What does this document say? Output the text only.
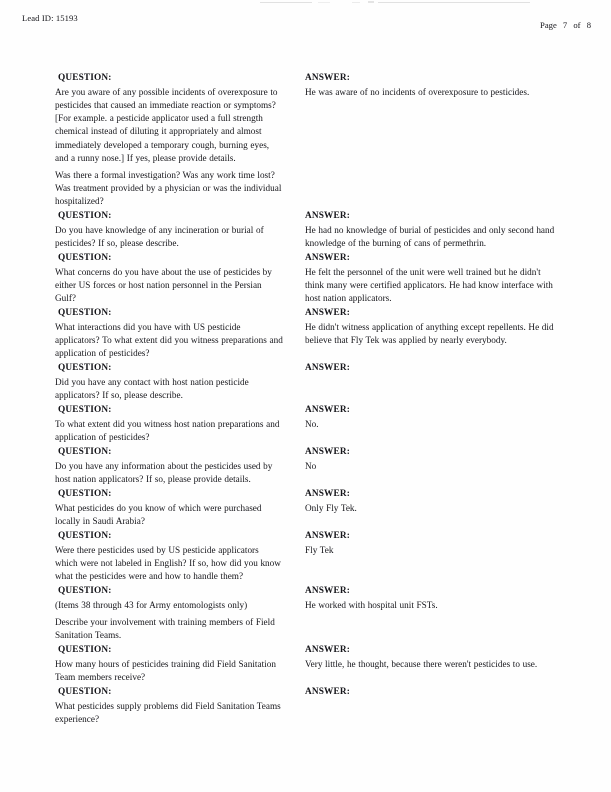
Lead ID: 15193
Page 7 of 8
QUESTION:

Are you aware of any possible incidents of overexposure to pesticides that caused an immediate reaction or symptoms? [For example. a pesticide applicator used a full strength chemical instead of diluting it appropriately and almost immediately developed a temporary cough, burning eyes, and a runny nose.] If yes, please provide details.

Was there a formal investigation? Was any work time lost? Was treatment provided by a physician or was the individual hospitalized?

ANSWER:

He was aware of no incidents of overexposure to pesticides.

QUESTION:

Do you have knowledge of any incineration or burial of pesticides? If so, please describe.

ANSWER:

He had no knowledge of burial of pesticides and only second hand knowledge of the burning of cans of permethrin.

QUESTION:

What concerns do you have about the use of pesticides by either US forces or host nation personnel in the Persian Gulf?

ANSWER:

He felt the personnel of the unit were well trained but he didn't think many were certified applicators. He had know interface with host nation applicators.

QUESTION:

What interactions did you have with US pesticide applicators? To what extent did you witness preparations and application of pesticides?

ANSWER:

He didn't witness application of anything except repellents. He did believe that Fly Tek was applied by nearly everybody.

QUESTION:

Did you have any contact with host nation pesticide applicators? If so, please describe.

ANSWER:
QUESTION:

To what extent did you witness host nation preparations and application of pesticides?

ANSWER:

No.

QUESTION:

Do you have any information about the pesticides used by host nation applicators? If so, please provide details.

ANSWER:

No

QUESTION:

What pesticides do you know of which were purchased locally in Saudi Arabia?

ANSWER:

Only Fly Tek.

QUESTION:

Were there pesticides used by US pesticide applicators which were not labeled in English? If so, how did you know what the pesticides were and how to handle them?

ANSWER:

Fly Tek

QUESTION:

(Items 38 through 43 for Army entomologists only)

Describe your involvement with training members of Field Sanitation Teams.

ANSWER:

He worked with hospital unit FSTs.

QUESTION:

How many hours of pesticides training did Field Sanitation Team members receive?

ANSWER:

Very little, he thought, because there weren't pesticides to use.

QUESTION:

What pesticides supply problems did Field Sanitation Teams experience?

ANSWER:
